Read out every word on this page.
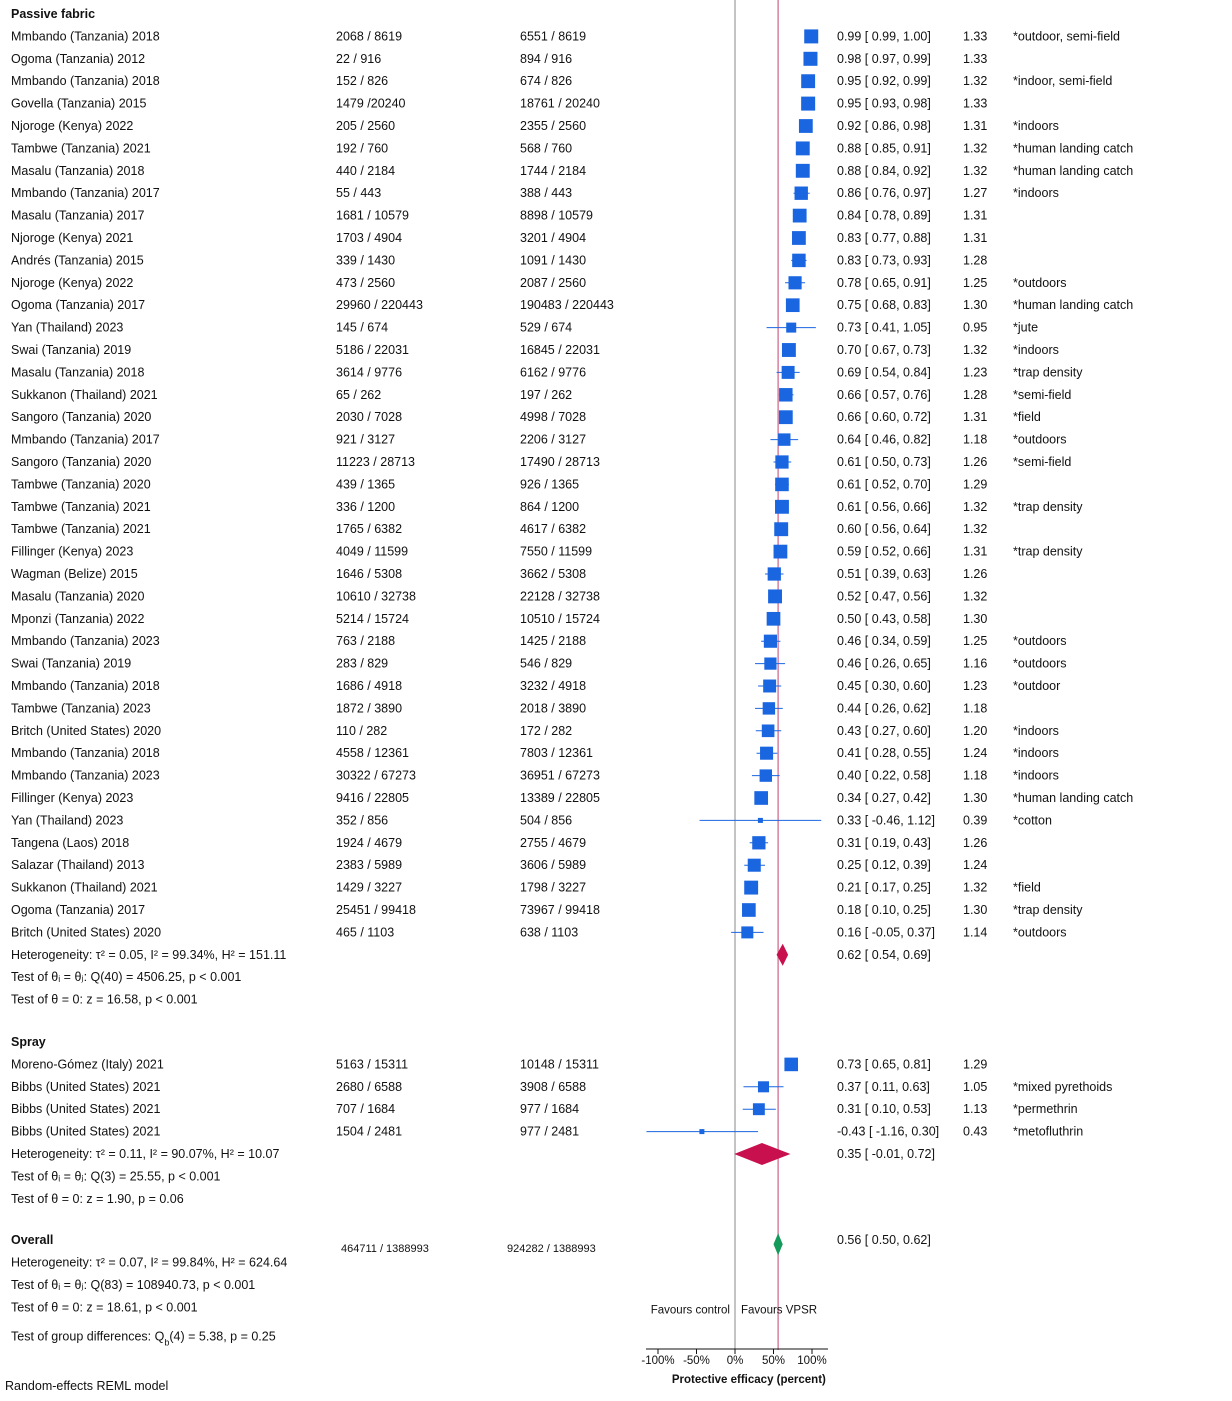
Passive fabric
Mmbando (Tanzania) 2018	2068 / 8619	6551 / 8619	0.99 [ 0.99, 1.00]	1.33 *outdoor, semi-field
Ogoma (Tanzania) 2012	22 / 916	894 / 916	0.98 [ 0.97, 0.99]	1.33
Mmbando (Tanzania) 2018	152 / 826	674 / 826	0.95 [ 0.92, 0.99]	1.32 *indoor, semi-field
Govella (Tanzania) 2015	1479 /20240	18761 / 20240	0.95 [ 0.93, 0.98]	1.33
Njoroge (Kenya) 2022	205 / 2560	2355 / 2560	0.92 [ 0.86, 0.98]	1.31 *indoors
Tambwe (Tanzania) 2021	192 / 760	568 / 760	0.88 [ 0.85, 0.91]	1.32 *human landing catch
Masalu (Tanzania) 2018	440 / 2184	1744 / 2184	0.88 [ 0.84, 0.92]	1.32 *human landing catch
Mmbando (Tanzania) 2017	55 / 443	388 / 443	0.86 [ 0.76, 0.97]	1.27 *indoors
Masalu (Tanzania) 2017	1681 / 10579	8898 / 10579	0.84 [ 0.78, 0.89]	1.31
Njoroge (Kenya) 2021	1703 / 4904	3201 / 4904	0.83 [ 0.77, 0.88]	1.31
Andrés (Tanzania) 2015	339 / 1430	1091 / 1430	0.83 [ 0.73, 0.93]	1.28
Njoroge (Kenya) 2022	473 / 2560	2087 / 2560	0.78 [ 0.65, 0.91]	1.25 *outdoors
Ogoma (Tanzania) 2017	29960 / 220443	190483 / 220443	0.75 [ 0.68, 0.83]	1.30 *human landing catch
Yan (Thailand) 2023	145 / 674	529 / 674	0.73 [ 0.41, 1.05]	0.95 *jute
Swai (Tanzania) 2019	5186 / 22031	16845 / 22031	0.70 [ 0.67, 0.73]	1.32 *indoors
Masalu (Tanzania) 2018	3614 / 9776	6162 / 9776	0.69 [ 0.54, 0.84]	1.23 *trap density
Sukkanon (Thailand) 2021	65 / 262	197 / 262	0.66 [ 0.57, 0.76]	1.28 *semi-field
Sangoro (Tanzania) 2020	2030 / 7028	4998 / 7028	0.66 [ 0.60, 0.72]	1.31 *field
Mmbando (Tanzania) 2017	921 / 3127	2206 / 3127	0.64 [ 0.46, 0.82]	1.18 *outdoors
Sangoro (Tanzania) 2020	11223 / 28713	17490 / 28713	0.61 [ 0.50, 0.73]	1.26 *semi-field
Tambwe (Tanzania) 2020	439 / 1365	926 / 1365	0.61 [ 0.52, 0.70]	1.29
Tambwe (Tanzania) 2021	336 / 1200	864 / 1200	0.61 [ 0.56, 0.66]	1.32 *trap density
Tambwe (Tanzania) 2021	1765 / 6382	4617 / 6382	0.60 [ 0.56, 0.64]	1.32
Fillinger (Kenya) 2023	4049 / 11599	7550 / 11599	0.59 [ 0.52, 0.66]	1.31 *trap density
Wagman (Belize) 2015	1646 / 5308	3662 / 5308	0.51 [ 0.39, 0.63]	1.26
Masalu (Tanzania) 2020	10610 / 32738	22128 / 32738	0.52 [ 0.47, 0.56]	1.32
Mponzi (Tanzania) 2022	5214 / 15724	10510 / 15724	0.50 [ 0.43, 0.58]	1.30
Mmbando (Tanzania) 2023	763 / 2188	1425 / 2188	0.46 [ 0.34, 0.59]	1.25 *outdoors
Swai (Tanzania) 2019	283 / 829	546 / 829	0.46 [ 0.26, 0.65]	1.16 *outdoors
Mmbando (Tanzania) 2018	1686 / 4918	3232 / 4918	0.45 [ 0.30, 0.60]	1.23 *outdoor
Tambwe (Tanzania) 2023	1872 / 3890	2018 / 3890	0.44 [ 0.26, 0.62]	1.18
Britch (United States) 2020	110 / 282	172 / 282	0.43 [ 0.27, 0.60]	1.20 *indoors
Mmbando (Tanzania) 2018	4558 / 12361	7803 / 12361	0.41 [ 0.28, 0.55]	1.24 *indoors
Mmbando (Tanzania) 2023	30322 / 67273	36951 / 67273	0.40 [ 0.22, 0.58]	1.18 *indoors
Fillinger (Kenya) 2023	9416 / 22805	13389 / 22805	0.34 [ 0.27, 0.42]	1.30 *human landing catch
Yan (Thailand) 2023	352 / 856	504 / 856	0.33 [ -0.46, 1.12] 0.39 *cotton
Tangena (Laos) 2018	1924 / 4679	2755 / 4679	0.31 [ 0.19, 0.43]	1.26
Salazar (Thailand) 2013	2383 / 5989	3606 / 5989	0.25 [ 0.12, 0.39]	1.24
Sukkanon (Thailand) 2021	1429 / 3227	1798 / 3227	0.21 [ 0.17, 0.25]	1.32 *field
Ogoma (Tanzania) 2017	25451 / 99418	73967 / 99418	0.18 [ 0.10, 0.25]	1.30 *trap density
Britch (United States) 2020	465 / 1103	638 / 1103	0.16 [ -0.05, 0.37] 1.14 *outdoors
0.62 [ 0.54, 0.69]
Heterogeneity: τ² = 0.05, I² = 99.34%, H² = 151.11
Test of θᵢ = θⱼ: Q(40) = 4506.25, p < 0.001
Test of θ = 0: z = 16.58, p < 0.001
Spray
Moreno-Gómez (Italy) 2021	5163 / 15311	10148 / 15311	0.73 [ 0.65, 0.81]	1.29
Bibbs (United States) 2021	2680 / 6588	3908 / 6588	0.37 [ 0.11, 0.63]	1.05 *mixed pyrethoids
Bibbs (United States) 2021	707 / 1684	977 / 1684	0.31 [ 0.10, 0.53]	1.13 *permethrin
Bibbs (United States) 2021	1504 / 2481	977 / 2481	-0.43 [ -1.16, 0.30] 0.43 *metofluthrin
0.35 [ -0.01, 0.72]
Heterogeneity: τ² = 0.11, I² = 90.07%, H² = 10.07
Test of θᵢ = θⱼ: Q(3) = 25.55, p < 0.001
Test of θ = 0: z = 1.90, p = 0.06
Overall
464711 / 1388993	924282 / 1388993
0.56 [ 0.50, 0.62]
Heterogeneity: τ² = 0.07, I² = 99.84%, H² = 624.64
Test of θᵢ = θⱼ: Q(83) = 108940.73, p < 0.001
Test of θ = 0: z = 18.61, p < 0.001	Favours control Favours VPSR
Test of group differences: $Q_b(4) = 5.38$, p = 0.25
-100% -50% 0% 50% 100%
Protective efficacy (percent)
Random-effects REML model
